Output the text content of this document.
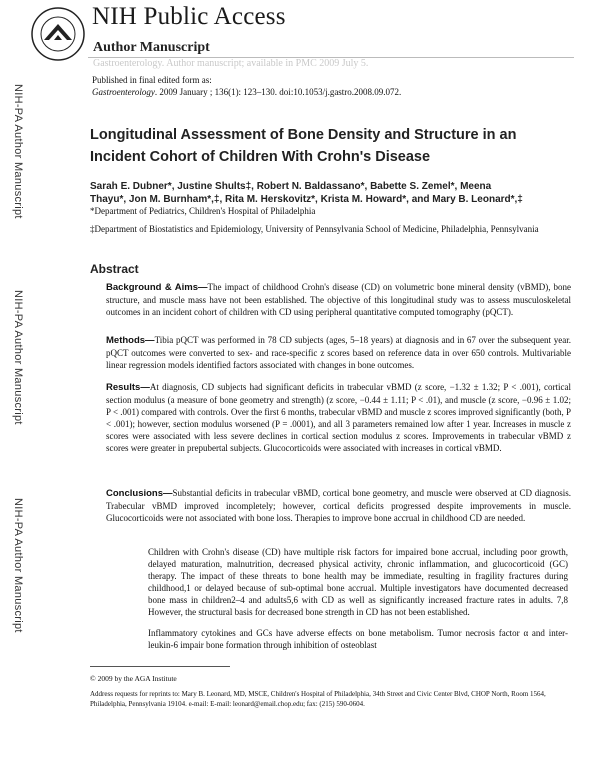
NIH Public Access
Author Manuscript
Gastroenterology. Author manuscript; available in PMC 2009 July 5.
Published in final edited form as:
Gastroenterology. 2009 January ; 136(1): 123–130. doi:10.1053/j.gastro.2008.09.072.
NIH-PA Author Manuscript
NIH-PA Author Manuscript
NIH-PA Author Manuscript
Longitudinal Assessment of Bone Density and Structure in an Incident Cohort of Children With Crohn's Disease
Sarah E. Dubner*, Justine Shults‡, Robert N. Baldassano*, Babette S. Zemel*, Meena
Thayu*, Jon M. Burnham*,‡, Rita M. Herskovitz*, Krista M. Howard*, and Mary B. Leonard*,‡
*Department of Pediatrics, Children's Hospital of Philadelphia
‡Department of Biostatistics and Epidemiology, University of Pennsylvania School of Medicine, Philadelphia, Pennsylvania
Abstract
Background & Aims—The impact of childhood Crohn's disease (CD) on volumetric bone mineral density (vBMD), bone structure, and muscle mass have not been established. The objective of this longitudinal study was to assess musculoskeletal outcomes in an incident cohort of children with CD using peripheral quantitative computed tomography (pQCT).
Methods—Tibia pQCT was performed in 78 CD subjects (ages, 5–18 years) at diagnosis and in 67 over the subsequent year. pQCT outcomes were converted to sex- and race-specific z scores based on reference data in over 650 controls. Multivariable linear regression models identified factors associated with changes in bone outcomes.
Results—At diagnosis, CD subjects had significant deficits in trabecular vBMD (z score, −1.32 ± 1.32; P < .001), cortical section modulus (a measure of bone geometry and strength) (z score, −0.44 ± 1.11; P < .01), and muscle (z score, −0.96 ± 1.02; P < .001) compared with controls. Over the first 6 months, trabecular vBMD and muscle z scores improved significantly (both, P < .001); however, section modulus worsened (P = .0001), and all 3 parameters remained low after 1 year. Increases in muscle z scores were associated with less severe declines in cortical section modulus z scores. Improvements in trabecular vBMD z scores were greater in prepubertal subjects. Glucocorticoids were associated with increases in cortical vBMD.
Conclusions—Substantial deficits in trabecular vBMD, cortical bone geometry, and muscle were observed at CD diagnosis. Trabecular vBMD improved incompletely; however, cortical deficits progressed despite improvements in muscle. Glucocorticoids were not associated with bone loss. Therapies to improve bone accrual in childhood CD are needed.
Children with Crohn's disease (CD) have multiple risk factors for impaired bone accrual, including poor growth, delayed maturation, malnutrition, decreased physical activity, chronic inflammation, and glucocorticoid (GC) therapy. The impact of these threats to bone health may be immediate, resulting in fragility fractures during childhood,1 or delayed because of sub-optimal bone accrual. Multiple investigators have documented decreased bone mass in children2–4 and adults5,6 with CD as well as significantly increased fracture rates in adults. 7,8 However, the structural basis for decreased bone strength in CD has not been established.
Inflammatory cytokines and GCs have adverse effects on bone metabolism. Tumor necrosis factor α and inter-leukin-6 impair bone formation through inhibition of osteoblast
© 2009 by the AGA Institute
Address requests for reprints to: Mary B. Leonard, MD, MSCE, Children's Hospital of Philadelphia, 34th Street and Civic Center Blvd, CHOP North, Room 1564, Philadelphia, Pennsylvania 19104. e-mail: E-mail: leonard@email.chop.edu; fax: (215) 590-0604.
